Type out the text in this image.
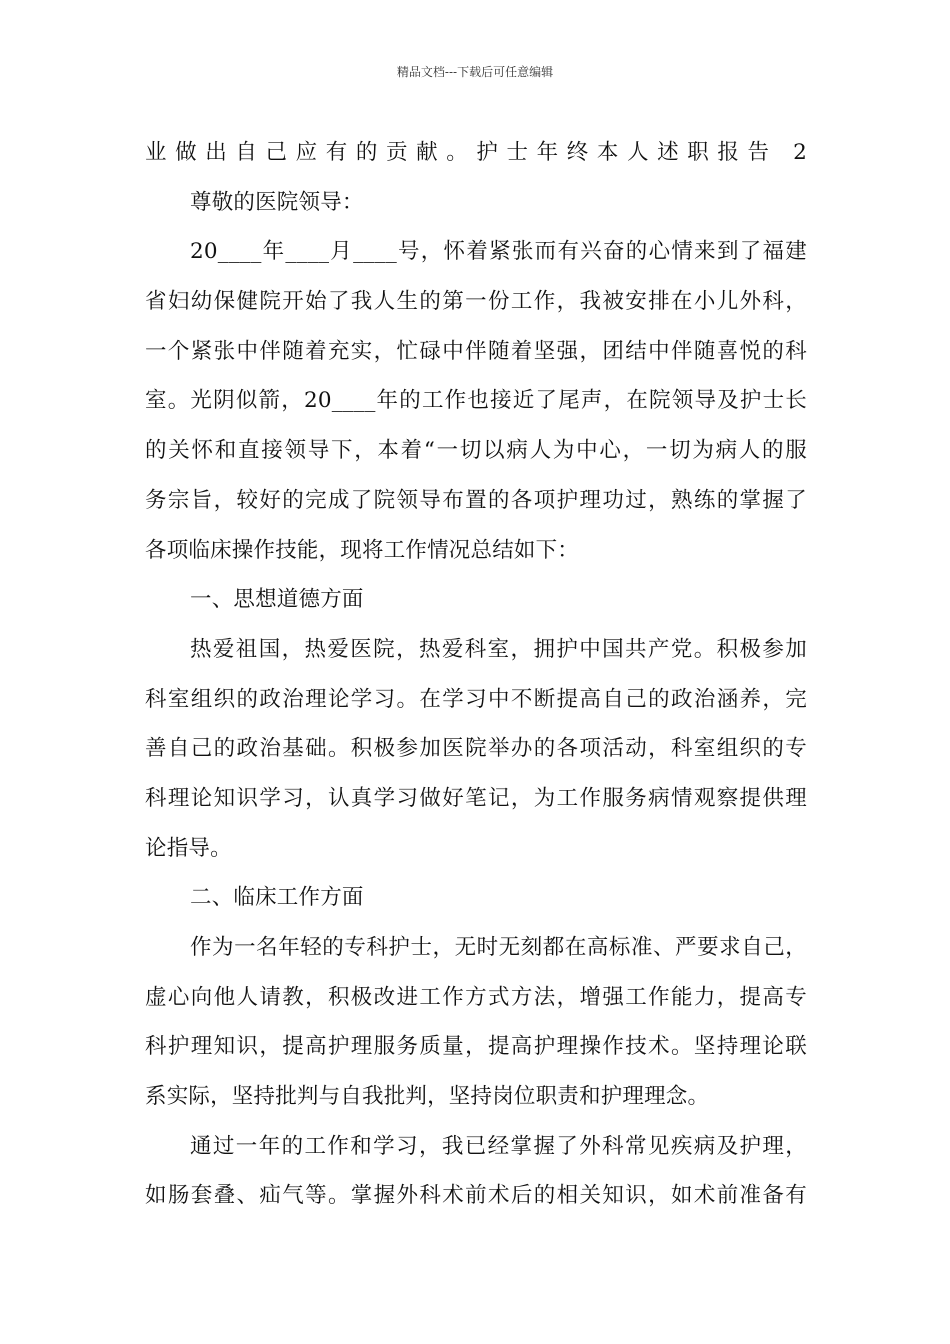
精品文档---下载后可任意编辑
业做出自己应有的贡献。护士年终本人述职报告 2
尊敬的医院领导：
20____年____月____号，怀着紧张而有兴奋的心情来到了福建
省妇幼保健院开始了我人生的第一份工作，我被安排在小儿外科，
一个紧张中伴随着充实，忙碌中伴随着坚强，团结中伴随喜悦的科
室。光阴似箭，20____年的工作也接近了尾声，在院领导及护士长
的关怀和直接领导下，本着“一切以病人为中心，一切为病人的服
务宗旨，较好的完成了院领导布置的各项护理功过，熟练的掌握了
各项临床操作技能，现将工作情况总结如下：
一、思想道德方面
热爱祖国，热爱医院，热爱科室，拥护中国共产党。积极参加
科室组织的政治理论学习。在学习中不断提高自己的政治涵养，完
善自己的政治基础。积极参加医院举办的各项活动，科室组织的专
科理论知识学习，认真学习做好笔记，为工作服务病情观察提供理
论指导。
二、临床工作方面
作为一名年轻的专科护士，无时无刻都在高标准、严要求自己，
虚心向他人请教，积极改进工作方式方法，增强工作能力，提高专
科护理知识，提高护理服务质量，提高护理操作技术。坚持理论联
系实际，坚持批判与自我批判，坚持岗位职责和护理理念。
通过一年的工作和学习，我已经掌握了外科常见疾病及护理，
如肠套叠、疝气等。掌握外科术前术后的相关知识，如术前准备有
